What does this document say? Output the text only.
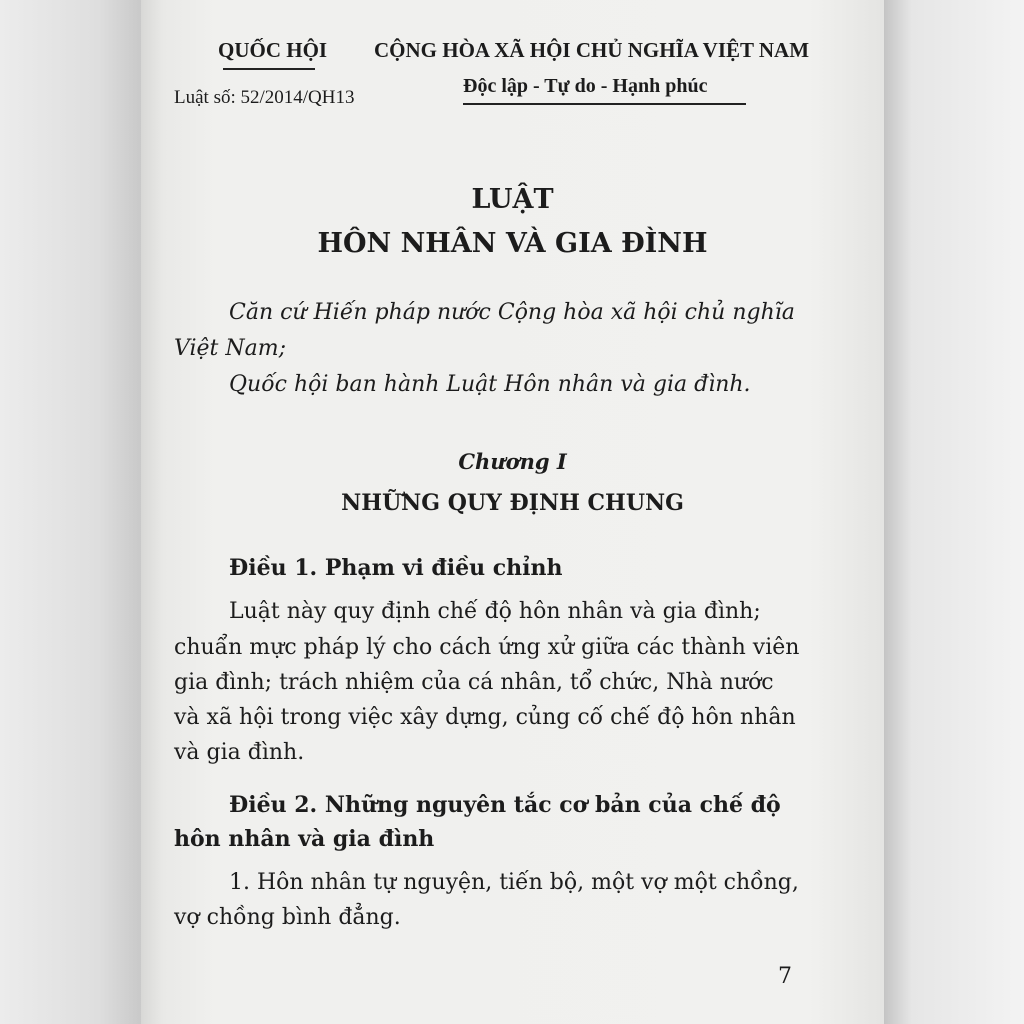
QUỐC HỘI CỘNG HÒA XÃ HỘI CHỦ NGHĨA VIỆT NAM
Độc lập - Tự do - Hạnh phúc
Luật số: 52/2014/QH13
LUẬT
HÔN NHÂN VÀ GIA ĐÌNH
Căn cứ Hiến pháp nước Cộng hòa xã hội chủ nghĩa
Việt Nam;
Quốc hội ban hành Luật Hôn nhân và gia đình.
Chương I
NHỮNG QUY ĐỊNH CHUNG
Điều 1. Phạm vi điều chỉnh
Luật này quy định chế độ hôn nhân và gia đình;
chuẩn mực pháp lý cho cách ứng xử giữa các thành viên
gia đình; trách nhiệm của cá nhân, tổ chức, Nhà nước
và xã hội trong việc xây dựng, củng cố chế độ hôn nhân
và gia đình.
Điều 2. Những nguyên tắc cơ bản của chế độ
hôn nhân và gia đình
1. Hôn nhân tự nguyện, tiến bộ, một vợ một chồng,
vợ chồng bình đẳng.
7
